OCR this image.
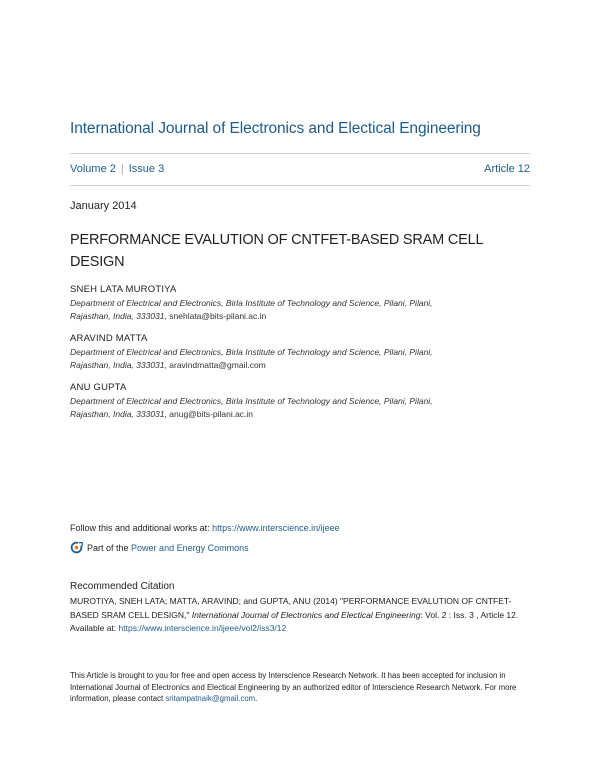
International Journal of Electronics and Electical Engineering
Volume 2 | Issue 3	Article 12
January 2014
PERFORMANCE EVALUTION OF CNTFET-BASED SRAM CELL DESIGN
SNEH LATA MUROTIYA
Department of Electrical and Electronics, Birla Institute of Technology and Science, Pilani, Pilani,
Rajasthan, India, 333031, snehlata@bits-pilani.ac.in
ARAVIND MATTA
Department of Electrical and Electronics, Birla Institute of Technology and Science, Pilani, Pilani,
Rajasthan, India, 333031, aravindmatta@gmail.com
ANU GUPTA
Department of Electrical and Electronics, Birla Institute of Technology and Science, Pilani, Pilani,
Rajasthan, India, 333031, anug@bits-pilani.ac.in
Follow this and additional works at: https://www.interscience.in/ijeee
Part of the
Power and Energy Commons
Recommended Citation
MUROTIYA, SNEH LATA; MATTA, ARAVIND; and GUPTA, ANU (2014) "PERFORMANCE EVALUTION OF CNTFET-BASED SRAM CELL DESIGN," International Journal of Electronics and Electical Engineering: Vol. 2 : Iss. 3 , Article 12.
Available at: https://www.interscience.in/ijeee/vol2/iss3/12
This Article is brought to you for free and open access by Interscience Research Network. It has been accepted for inclusion in International Journal of Electronics and Electical Engineering by an authorized editor of Interscience Research Network. For more information, please contact sritampatnaik@gmail.com.
